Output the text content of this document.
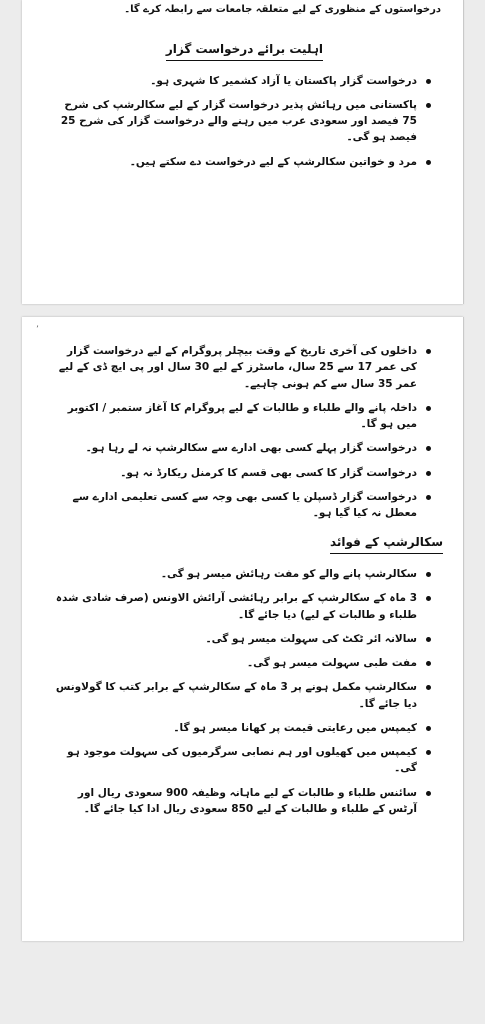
درخواستوں کے منظوری کے لیے متعلقہ جامعات سے رابطہ کرے گا۔
اہلیت برائے درخواست گزار
درخواست گزار پاکستان یا آزاد کشمیر کا شہری ہو۔
پاکستانی میں رہائش پذیر درخواست گزار کے لیے سکالرشپ کی شرح 75 فیصد اور سعودی عرب میں رہنے والے درخواست گزار کی شرح 25 فیصد ہو گی۔
مرد و خواتین سکالرشپ کے لیے درخواست دے سکتے ہیں۔
ʼ
داخلوں کی آخری تاریخ کے وقت بیچلر پروگرام کے لیے درخواست گزار کی عمر 17 سے 25 سال، ماسٹرز کے لیے 30 سال اور پی ایچ ڈی کے لیے عمر 35 سال سے کم ہونی چاہیے۔
داخلہ پانے والے طلباء و طالبات کے لیے پروگرام کا آغاز ستمبر / اکتوبر میں ہو گا۔
درخواست گزار پہلے کسی بھی ادارے سے سکالرشپ نہ لے رہا ہو۔
درخواست گزار کا کسی بھی قسم کا کرمنل ریکارڈ نہ ہو۔
درخواست گزار ڈسپلن یا کسی بھی وجہ سے کسی تعلیمی ادارے سے معطل نہ کیا گیا ہو۔
سکالرشپ کے فوائد
سکالرشپ پانے والے کو مفت رہائش میسر ہو گی۔
3 ماہ کے سکالرشپ کے برابر رہائشی آرائش الاونس (صرف شادی شدہ طلباء و طالبات کے لیے) دیا جائے گا۔
سالانہ ائر ٹکٹ کی سہولت میسر ہو گی۔
مفت طبی سہولت میسر ہو گی۔
سکالرشپ مکمل ہونے پر 3 ماہ کے سکالرشپ کے برابر کتب کا گولاونس دیا جائے گا۔
کیمپس میں رعایتی قیمت پر کھانا میسر ہو گا۔
کیمپس میں کھیلوں اور ہم نصابی سرگرمیوں کی سہولت موجود ہو گی۔
سائنس طلباء و طالبات کے لیے ماہانہ وظیفہ 900 سعودی ریال اور آرٹس کے طلباء و طالبات کے لیے 850 سعودی ریال ادا کیا جائے گا۔
